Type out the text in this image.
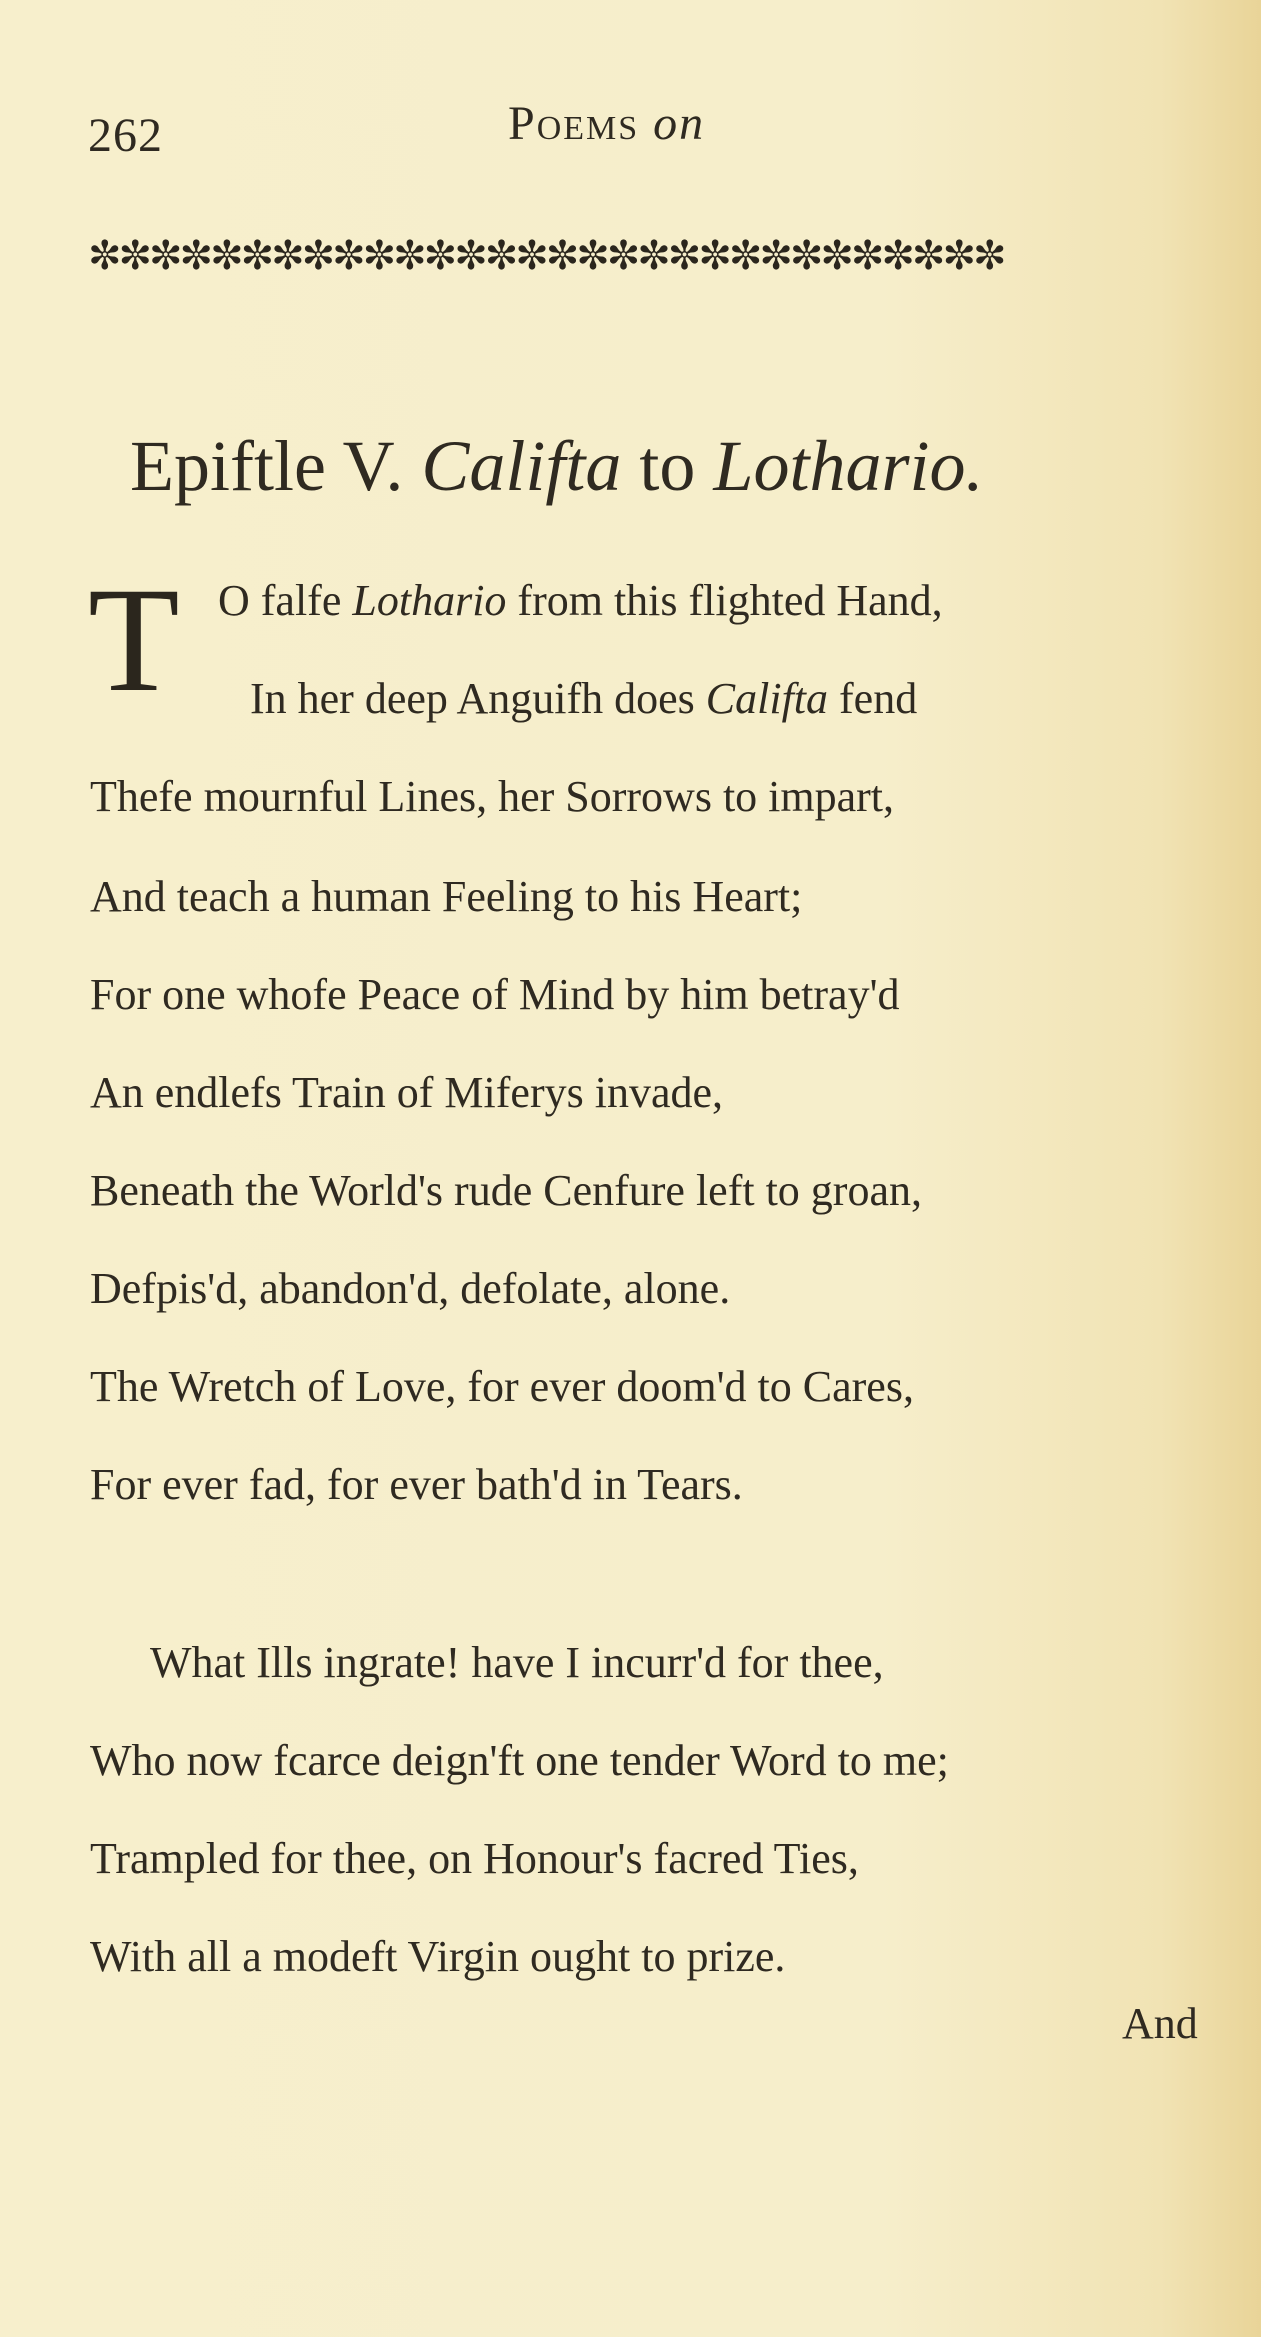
262	Poems on
✼✼✼✼✼✼✼✼✼✼✼✼✼✼✼✼✼✼✼✼✼✼✼✼✼✼✼✼✼✼
Epiftle V. Califta to Lothario.
T O falfe Lothario from this flighted Hand,
In her deep Anguifh does Califta fend
Thefe mournful Lines, her Sorrows to impart,
And teach a human Feeling to his Heart;
For one whofe Peace of Mind by him betray'd
An endlefs Train of Miferys invade,
Beneath the World's rude Cenfure left to groan,
Defpis'd, abandon'd, defolate, alone.
The Wretch of Love, for ever doom'd to Cares,
For ever fad, for ever bath'd in Tears.
What Ills ingrate! have I incurr'd for thee,
Who now fcarce deign'ft one tender Word to me;
Trampled for thee, on Honour's facred Ties,
With all a modeft Virgin ought to prize.
And
